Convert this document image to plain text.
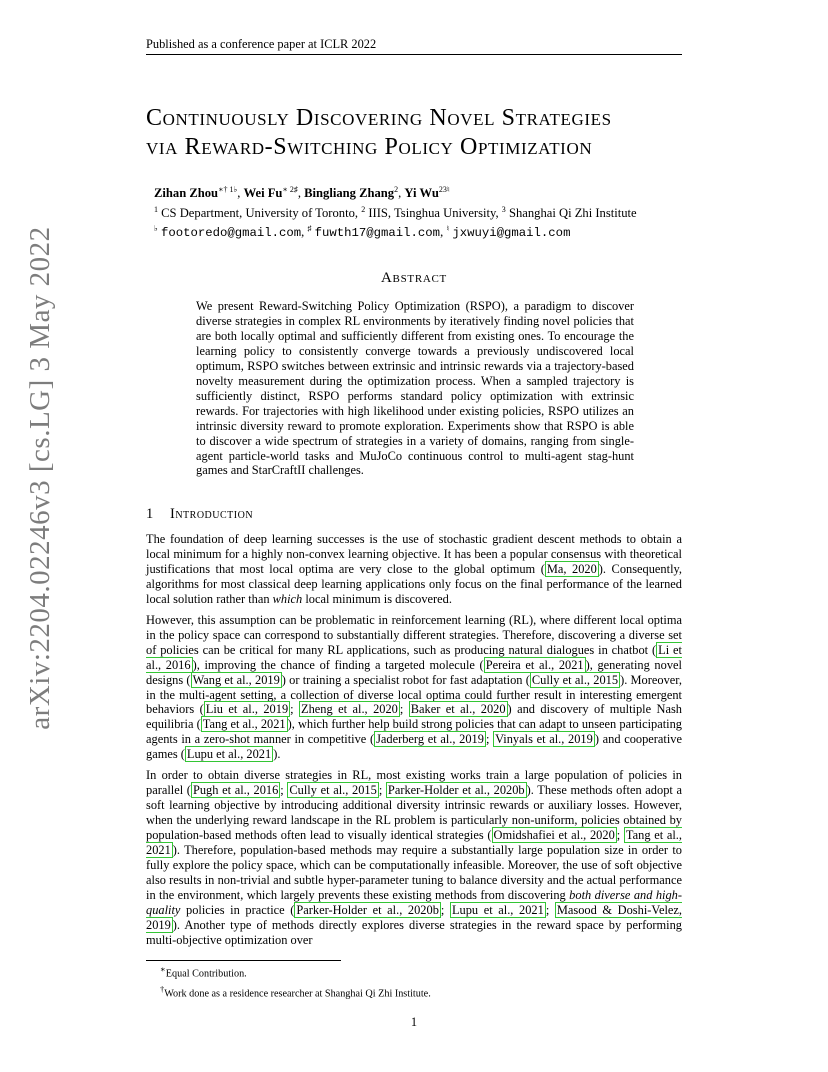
Published as a conference paper at ICLR 2022
arXiv:2204.02246v3 [cs.LG] 3 May 2022
Continuously Discovering Novel Strategies
via Reward-Switching Policy Optimization
Zihan Zhou$^{∗\dagger 1♭}$, Wei $Fu^{∗ 2♯}$, Bingliang Zhang$^2$, Yi $Wu^{23♮}$
$^1$ CS Department, University of Toronto, $^2$ IIIS, Tsinghua University, $^3$ Shanghai Qi Zhi Institute
♭ footoredo@gmail.com, ♯ fuwth17@gmail.com, ♮ jxwuyi@gmail.com
Abstract
We present Reward-Switching Policy Optimization (RSPO), a paradigm to discover diverse strategies in complex RL environments by iteratively finding novel policies that are both locally optimal and sufficiently different from existing ones. To encourage the learning policy to consistently converge towards a previously undiscovered local optimum, RSPO switches between extrinsic and intrinsic rewards via a trajectory-based novelty measurement during the optimization process. When a sampled trajectory is sufficiently distinct, RSPO performs standard policy optimization with extrinsic rewards. For trajectories with high likelihood under existing policies, RSPO utilizes an intrinsic diversity reward to promote exploration. Experiments show that RSPO is able to discover a wide spectrum of strategies in a variety of domains, ranging from single-agent particle-world tasks and MuJoCo continuous control to multi-agent stag-hunt games and StarCraftII challenges.
1 Introduction

The foundation of deep learning successes is the use of stochastic gradient descent methods to obtain a local minimum for a highly non-convex learning objective. It has been a popular consensus with theoretical justifications that most local optima are very close to the global optimum ( Ma, 2020 ). Consequently, algorithms for most classical deep learning applications only focus on the final performance of the learned local solution rather than which local minimum is discovered.

However, this assumption can be problematic in reinforcement learning (RL), where different local optima in the policy space can correspond to substantially different strategies. Therefore, discovering a diverse set of policies can be critical for many RL applications, such as producing natural dialogues in chatbot ( Li et al., 2016 ), improving the chance of finding a targeted molecule ( Pereira et al., 2021 ), generating novel designs ( Wang et al., 2019 ) or training a specialist robot for fast adaptation ( Cully et al., 2015 ). Moreover, in the multi-agent setting, a collection of diverse local optima could further result in interesting emergent behaviors ( Liu et al., 2019 ; Zheng et al., 2020 ; Baker et al., 2020 ) and discovery of multiple Nash equilibria ( Tang et al., 2021 ), which further help build strong policies that can adapt to unseen participating agents in a zero-shot manner in competitive ( Jaderberg et al., 2019 ; Vinyals et al., 2019 ) and cooperative games ( Lupu et al., 2021 ).

In order to obtain diverse strategies in RL, most existing works train a large population of policies in parallel ( Pugh et al., 2016 ; Cully et al., 2015 ; Parker-Holder et al., 2020b ). These methods often adopt a soft learning objective by introducing additional diversity intrinsic rewards or auxiliary losses. However, when the underlying reward landscape in the RL problem is particularly non-uniform, policies obtained by population-based methods often lead to visually identical strategies ( Omidshafiei et al., 2020 ; Tang et al., 2021 ). Therefore, population-based methods may require a substantially large population size in order to fully explore the policy space, which can be computationally infeasible. Moreover, the use of soft objective also results in non-trivial and subtle hyper-parameter tuning to balance diversity and the actual performance in the environment, which largely prevents these existing methods from discovering both diverse and high-quality policies in practice ( Parker-Holder et al., 2020b ; Lupu et al., 2021 ; Masood & Doshi-Velez, 2019 ). Another type of methods directly explores diverse strategies in the reward space by performing multi-objective optimization over

∗Equal Contribution.
†Work done as a residence researcher at Shanghai Qi Zhi Institute.
1
